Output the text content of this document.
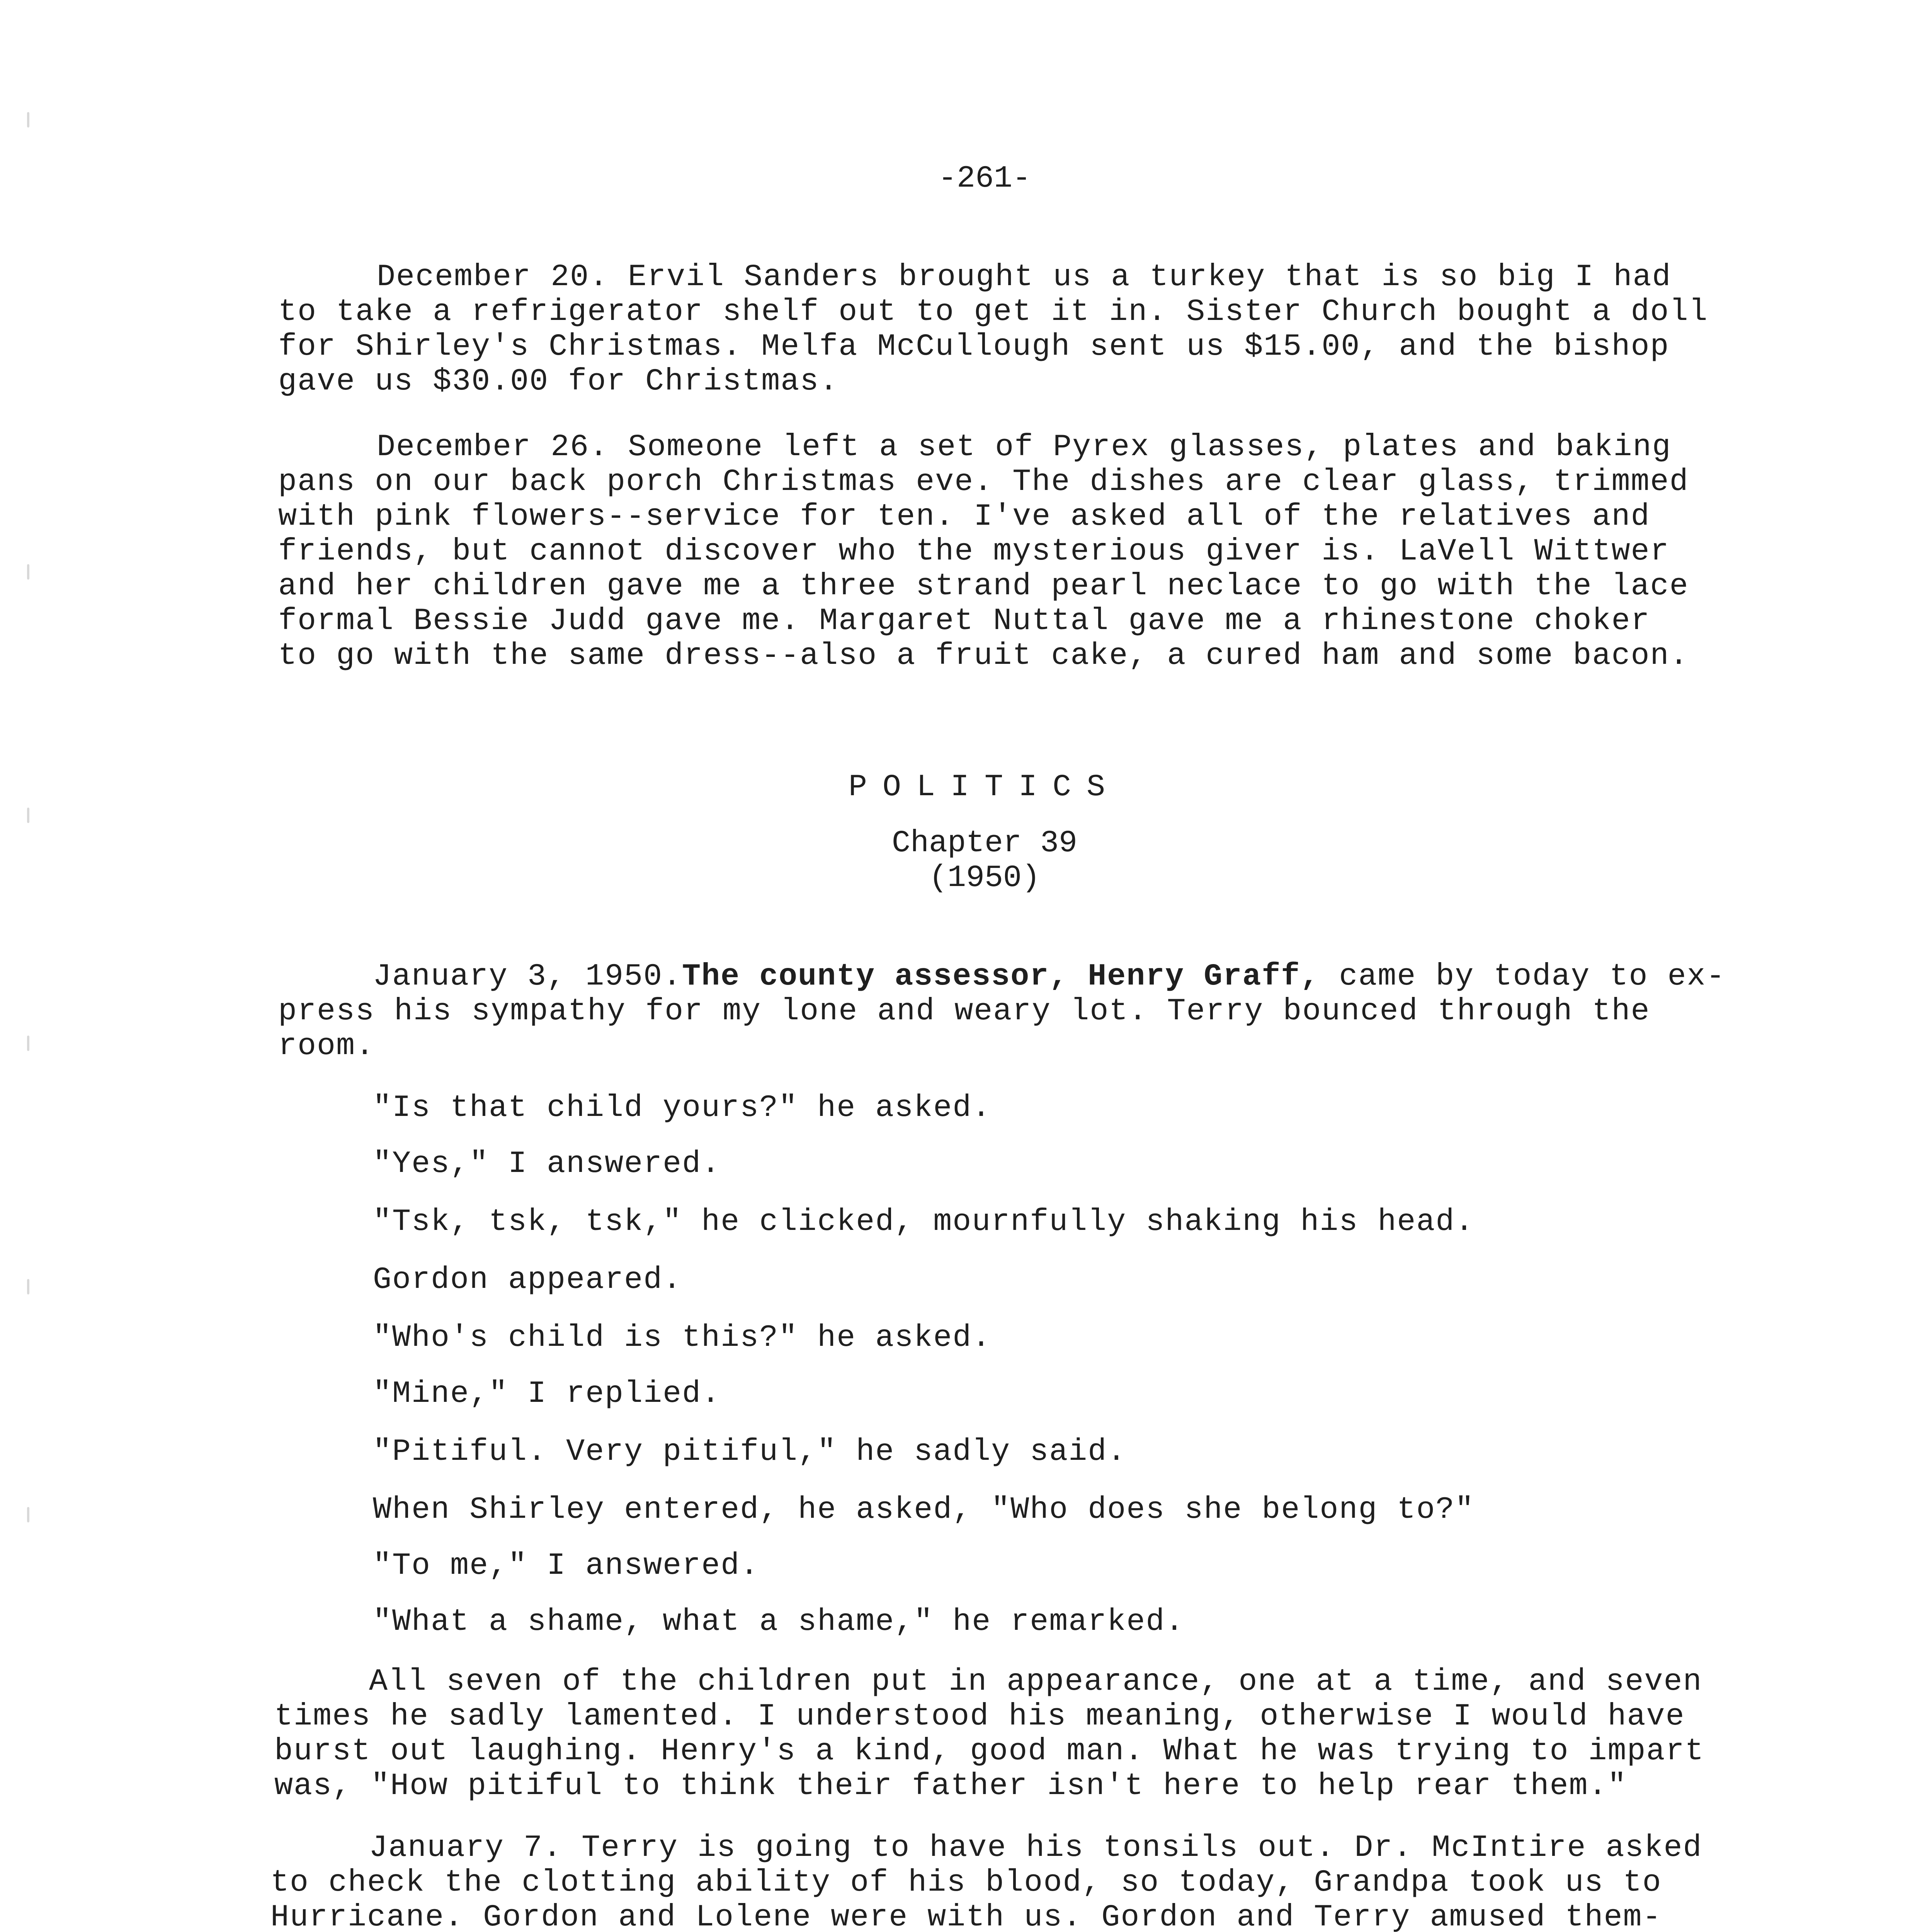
-261-
December 20. Ervil Sanders brought us a turkey that is so big I had
to take a refrigerator shelf out to get it in. Sister Church bought a doll
for Shirley's Christmas. Melfa McCullough sent us $15.00, and the bishop
gave us $30.00 for Christmas.
December 26. Someone left a set of Pyrex glasses, plates and baking
pans on our back porch Christmas eve. The dishes are clear glass, trimmed
with pink flowers--service for ten. I've asked all of the relatives and
friends, but cannot discover who the mysterious giver is. LaVell Wittwer
and her children gave me a three strand pearl neclace to go with the lace
formal Bessie Judd gave me. Margaret Nuttal gave me a rhinestone choker
to go with the same dress--also a fruit cake, a cured ham and some bacon.
POLITICS
Chapter 39
(1950)
January 3, 1950.The county assessor, Henry Graff, came by today to ex-
press his sympathy for my lone and weary lot. Terry bounced through the
room.
"Is that child yours?" he asked.
"Yes," I answered.
"Tsk, tsk, tsk," he clicked, mournfully shaking his head.
Gordon appeared.
"Who's child is this?" he asked.
"Mine," I replied.
"Pitiful. Very pitiful," he sadly said.
When Shirley entered, he asked, "Who does she belong to?"
"To me," I answered.
"What a shame, what a shame," he remarked.
All seven of the children put in appearance, one at a time, and seven
times he sadly lamented. I understood his meaning, otherwise I would have
burst out laughing. Henry's a kind, good man. What he was trying to impart
was, "How pitiful to think their father isn't here to help rear them."
January 7. Terry is going to have his tonsils out. Dr. McIntire asked
to check the clotting ability of his blood, so today, Grandpa took us to
Hurricane. Gordon and Lolene were with us. Gordon and Terry amused them-
